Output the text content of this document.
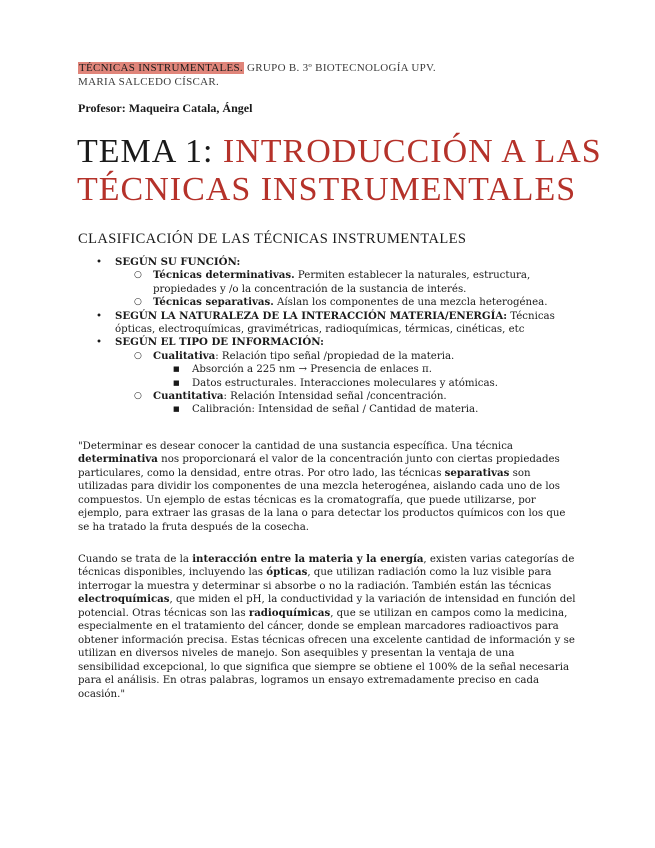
TÉCNICAS INSTRUMENTALES. GRUPO B. 3º BIOTECNOLOGÍA UPV.
MARIA SALCEDO CÍSCAR.
Profesor: Maqueira Catala, Ángel
TEMA 1: INTRODUCCIÓN A LAS
TÉCNICAS INSTRUMENTALES
CLASIFICACIÓN DE LAS TÉCNICAS INSTRUMENTALES
• SEGÚN SU FUNCIÓN:
○ Técnicas determinativas. Permiten establecer la naturales, estructura, propiedades y /o la concentración de la sustancia de interés.
○ Técnicas separativas. Aíslan los componentes de una mezcla heterogénea.
• SEGÚN LA NATURALEZA DE LA INTERACCIÓN MATERIA/ENERGÍA: Técnicas ópticas, electroquímicas, gravimétricas, radioquímicas, térmicas, cinéticas, etc
• SEGÚN EL TIPO DE INFORMACIÓN:
○ Cualitativa: Relación tipo señal /propiedad de la materia.
■ Absorción a 225 nm → Presencia de enlaces π.
■ Datos estructurales. Interacciones moleculares y atómicas.
○ Cuantitativa: Relación Intensidad señal /concentración.
■ Calibración: Intensidad de señal / Cantidad de materia.

"Determinar es desear conocer la cantidad de una sustancia específica. Una técnica determinativa nos proporcionará el valor de la concentración junto con ciertas propiedades particulares, como la densidad, entre otras. Por otro lado, las técnicas separativas son utilizadas para dividir los componentes de una mezcla heterogénea, aislando cada uno de los compuestos. Un ejemplo de estas técnicas es la cromatografía, que puede utilizarse, por ejemplo, para extraer las grasas de la lana o para detectar los productos químicos con los que se ha tratado la fruta después de la cosecha.

Cuando se trata de la interacción entre la materia y la energía, existen varias categorías de técnicas disponibles, incluyendo las ópticas, que utilizan radiación como la luz visible para interrogar la muestra y determinar si absorbe o no la radiación. También están las técnicas electroquímicas, que miden el pH, la conductividad y la variación de intensidad en función del potencial. Otras técnicas son las radioquímicas, que se utilizan en campos como la medicina, especialmente en el tratamiento del cáncer, donde se emplean marcadores radioactivos para obtener información precisa. Estas técnicas ofrecen una excelente cantidad de información y se utilizan en diversos niveles de manejo. Son asequibles y presentan la ventaja de una sensibilidad excepcional, lo que significa que siempre se obtiene el 100% de la señal necesaria para el análisis. En otras palabras, logramos un ensayo extremadamente preciso en cada ocasión."
